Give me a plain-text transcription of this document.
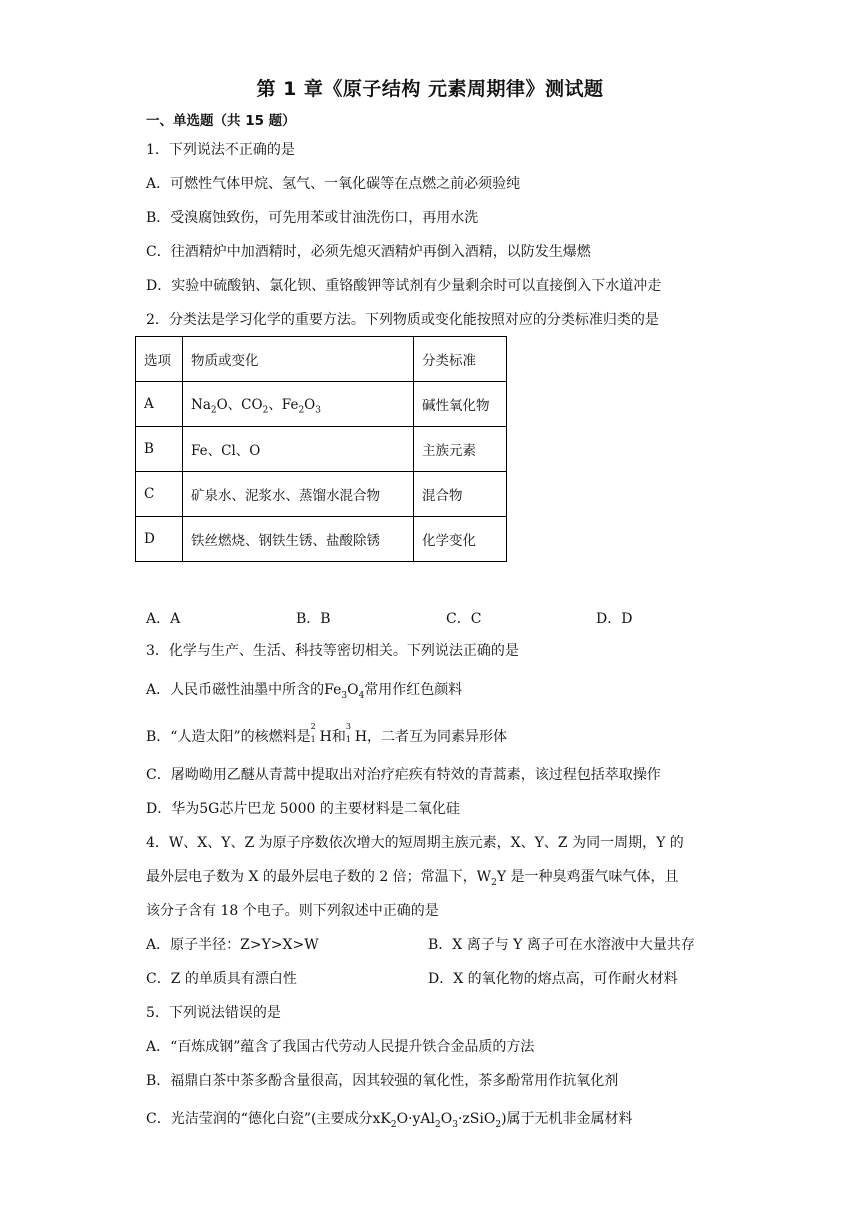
第 1 章《原子结构 元素周期律》测试题
一、单选题（共 15 题）
1．下列说法不正确的是
A．可燃性气体甲烷、氢气、一氧化碳等在点燃之前必须验纯
B．受溴腐蚀致伤，可先用苯或甘油洗伤口，再用水洗
C．往酒精炉中加酒精时，必须先熄灭酒精炉再倒入酒精，以防发生爆燃
D．实验中硫酸钠、氯化钡、重铬酸钾等试剂有少量剩余时可以直接倒入下水道冲走
2．分类法是学习化学的重要方法。下列物质或变化能按照对应的分类标准归类的是
选项	物质或变化	分类标准
A	$Na_2O$、$CO_2$、$Fe_2O_3$	碱性氧化物
B	Fe、Cl、O	主族元素
C	矿泉水、泥浆水、蒸馏水混合物	混合物
D	铁丝燃烧、钢铁生锈、盐酸除锈	化学变化
A．A	B．B	C．C	D．D
3．化学与生产、生活、科技等密切相关。下列说法正确的是
A．人民币磁性油墨中所含的$Fe_3O_4$常用作红色颜料
B．“人造太阳”的核燃料是
2
1 H和
3
1 H，二者互为同素异形体
C．屠呦呦用乙醚从青蒿中提取出对治疗疟疾有特效的青蒿素，该过程包括萃取操作
D．华为5G芯片巴龙 5000 的主要材料是二氧化硅
4．W、X、Y、Z 为原子序数依次增大的短周期主族元素，X、Y、Z 为同一周期，Y 的
最外层电子数为 X 的最外层电子数的 2 倍；常温下，$W_2Y$ 是一种臭鸡蛋气味气体，且
该分子含有 18 个电子。则下列叙述中正确的是
A．原子半径：Z>Y>X>W	B．X 离子与 Y 离子可在水溶液中大量共存
C．Z 的单质具有漂白性	D．X 的氧化物的熔点高，可作耐火材料
5．下列说法错误的是
A．“百炼成钢”蕴含了我国古代劳动人民提升铁合金品质的方法
B．福鼎白茶中茶多酚含量很高，因其较强的氧化性，茶多酚常用作抗氧化剂
C．光洁莹润的“德化白瓷”(主要成分$xK_2O\cdot yAl_2O_3\cdot zSiO_2$)属于无机非金属材料
